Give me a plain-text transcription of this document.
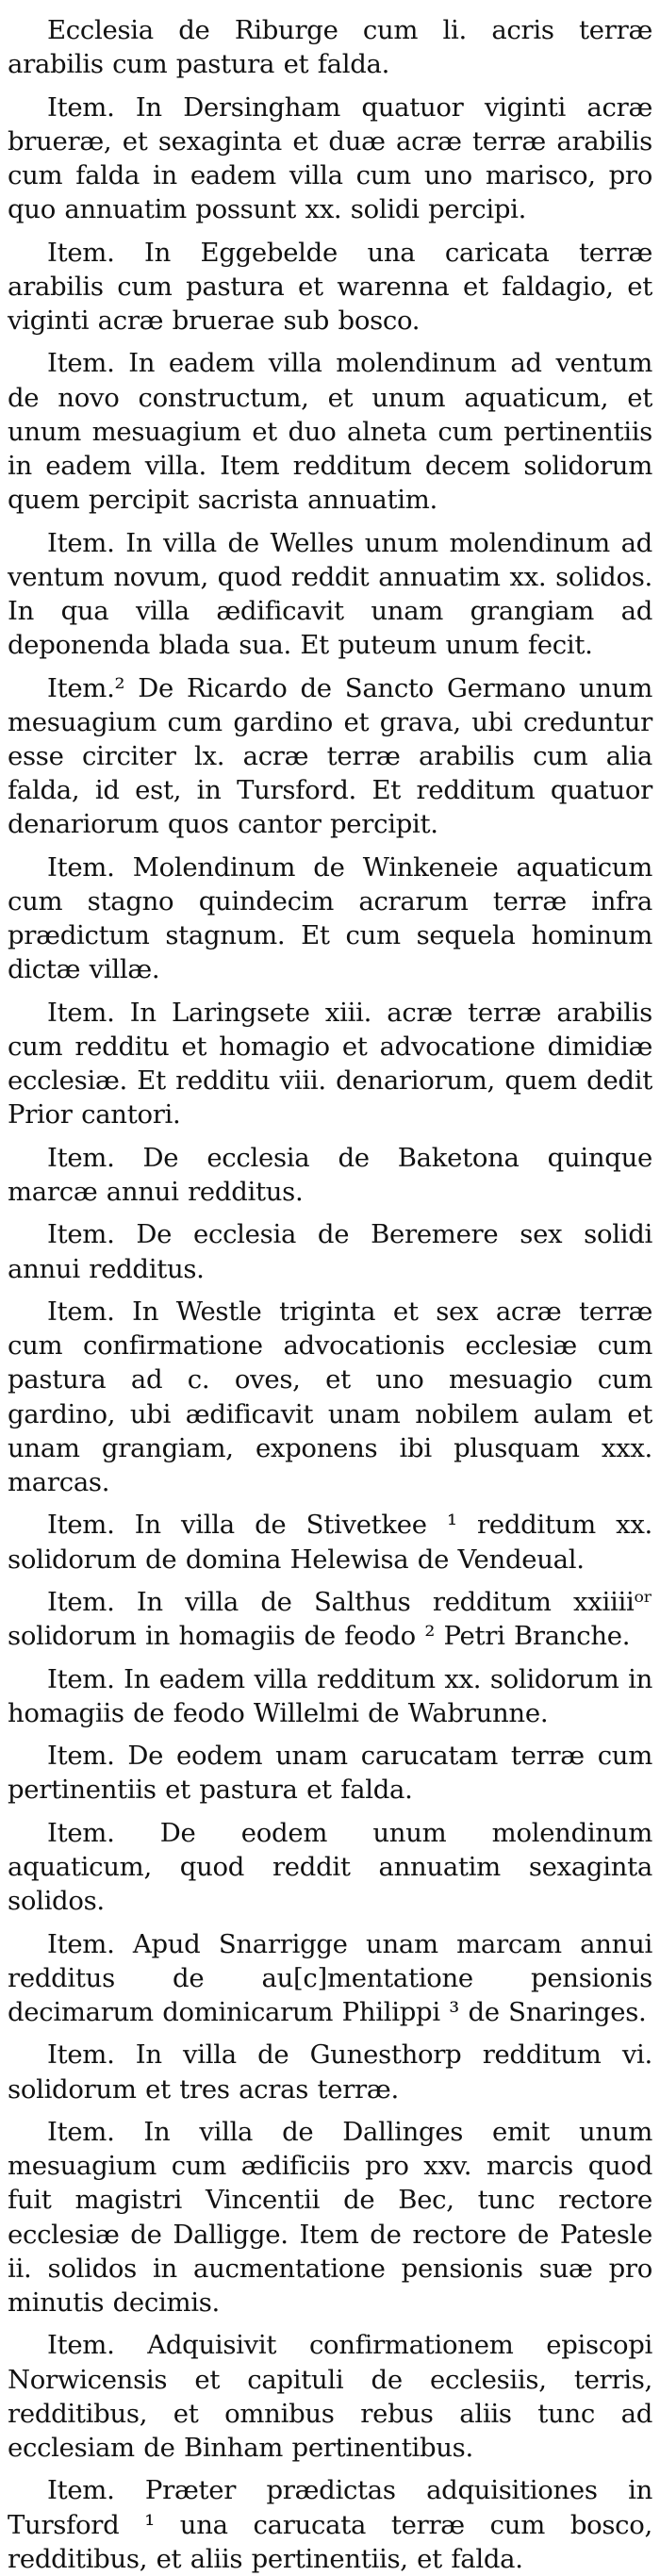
Ecclesia de Riburge cum li. acris terræ arabilis cum pastura et falda.

Item. In Dersingham quatuor viginti acræ brueræ, et sexaginta et duæ acræ terræ arabilis cum falda in eadem villa cum uno marisco, pro quo annuatim possunt xx. solidi percipi.

Item. In Eggebelde una caricata terræ arabilis cum pastura et warenna et faldagio, et viginti acræ bruerae sub bosco.

Item. In eadem villa molendinum ad ventum de novo constructum, et unum aquaticum, et unum mesuagium et duo alneta cum pertinentiis in eadem villa. Item redditum decem solidorum quem percipit sacrista annuatim.

Item. In villa de Welles unum molendinum ad ventum novum, quod reddit annuatim xx. solidos. In qua villa ædificavit unam grangiam ad deponenda blada sua. Et puteum unum fecit.

Item.² De Ricardo de Sancto Germano unum mesuagium cum gardino et grava, ubi creduntur esse circiter lx. acræ terræ arabilis cum alia falda, id est, in Tursford. Et redditum quatuor denariorum quos cantor percipit.

Item. Molendinum de Winkeneie aquaticum cum stagno quindecim acrarum terræ infra prædictum stagnum. Et cum sequela hominum dictæ villæ.

Item. In Laringsete xiii. acræ terræ arabilis cum redditu et homagio et advocatione dimidiæ ecclesiæ. Et redditu viii. denariorum, quem dedit Prior cantori.

Item. De ecclesia de Baketona quinque marcæ annui redditus.

Item. De ecclesia de Beremere sex solidi annui redditus.

Item. In Westle triginta et sex acræ terræ cum confirmatione advocationis ecclesiæ cum pastura ad c. oves, et uno mesuagio cum gardino, ubi ædificavit unam nobilem aulam et unam grangiam, exponens ibi plusquam xxx. marcas.

Item. In villa de Stivetkee ¹ redditum xx. solidorum de domina Helewisa de Vendeual.

Item. In villa de Salthus redditum xxiiiiᵒʳ solidorum in homagiis de feodo ² Petri Branche.

Item. In eadem villa redditum xx. solidorum in homagiis de feodo Willelmi de Wabrunne.

Item. De eodem unam carucatam terræ cum pertinentiis et pastura et falda.

Item. De eodem unum molendinum aquaticum, quod reddit annuatim sexaginta solidos.

Item. Apud Snarrigge unam marcam annui redditus de au[c]mentatione pensionis decimarum dominicarum Philippi ³ de Snaringes.

Item. In villa de Gunesthorp redditum vi. solidorum et tres acras terræ.

Item. In villa de Dallinges emit unum mesuagium cum ædificiis pro xxv. marcis quod fuit magistri Vincentii de Bec, tunc rectore ecclesiæ de Dalligge. Item de rectore de Patesle ii. solidos in aucmentatione pensionis suæ pro minutis decimis.

Item. Adquisivit confirmationem episcopi Norwicensis et capituli de ecclesiis, terris, redditibus, et omnibus rebus aliis tunc ad ecclesiam de Binham pertinentibus.

Item. Præter prædictas adquisitiones in Tursford ¹ una carucata terræ cum bosco, redditibus, et aliis pertinentiis, et falda.
